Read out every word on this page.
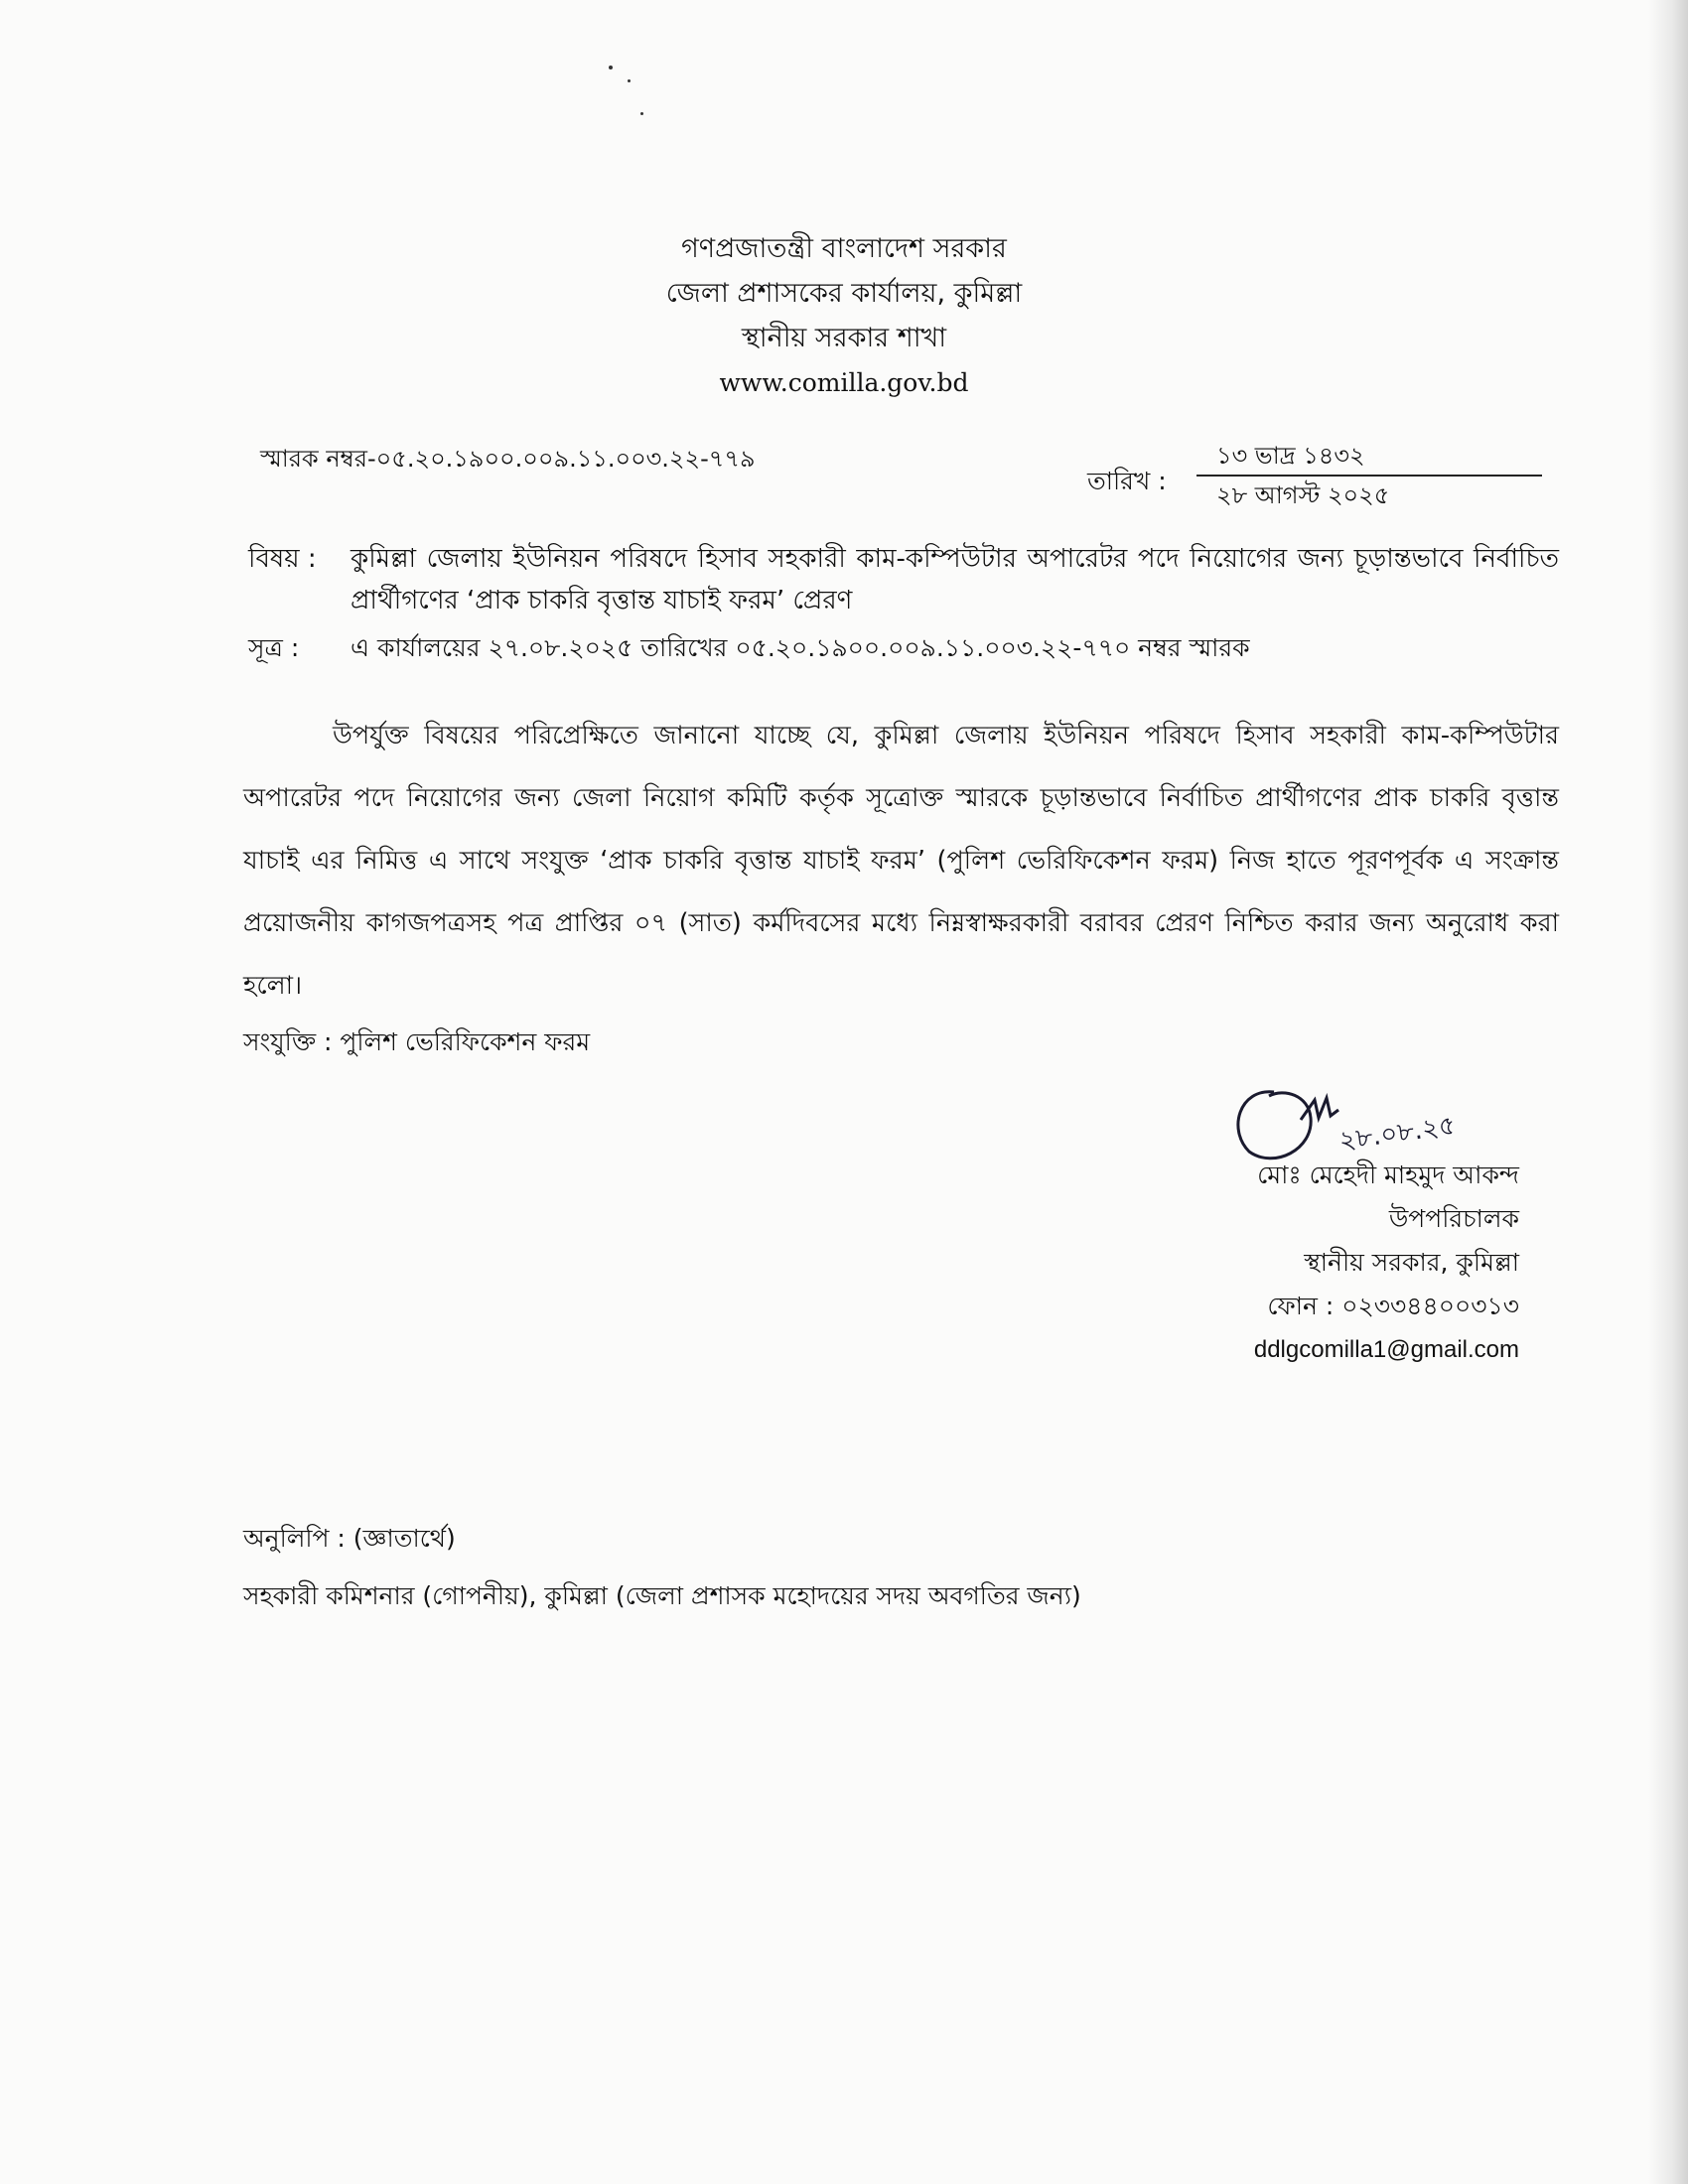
গণপ্রজাতন্ত্রী বাংলাদেশ সরকার
জেলা প্রশাসকের কার্যালয়, কুমিল্লা
স্থানীয় সরকার শাখা
www.comilla.gov.bd
স্মারক নম্বর-০৫.২০.১৯০০.০০৯.১১.০০৩.২২-৭৭৯
তারিখ :
১৩ ভাদ্র ১৪৩২
২৮ আগস্ট ২০২৫
বিষয় : কুমিল্লা জেলায় ইউনিয়ন পরিষদে হিসাব সহকারী কাম-কম্পিউটার অপারেটর পদে নিয়োগের জন্য চূড়ান্তভাবে নির্বাচিত প্রার্থীগণের ‘প্রাক চাকরি বৃত্তান্ত যাচাই ফরম’ প্রেরণ
সূত্র : এ কার্যালয়ের ২৭.০৮.২০২৫ তারিখের ০৫.২০.১৯০০.০০৯.১১.০০৩.২২-৭৭০ নম্বর স্মারক
উপর্যুক্ত বিষয়ের পরিপ্রেক্ষিতে জানানো যাচ্ছে যে, কুমিল্লা জেলায় ইউনিয়ন পরিষদে হিসাব সহকারী কাম-কম্পিউটার অপারেটর পদে নিয়োগের জন্য জেলা নিয়োগ কমিটি কর্তৃক সূত্রোক্ত স্মারকে চূড়ান্তভাবে নির্বাচিত প্রার্থীগণের প্রাক চাকরি বৃত্তান্ত যাচাই এর নিমিত্ত এ সাথে সংযুক্ত ‘প্রাক চাকরি বৃত্তান্ত যাচাই ফরম’ (পুলিশ ভেরিফিকেশন ফরম) নিজ হাতে পূরণপূর্বক এ সংক্রান্ত প্রয়োজনীয় কাগজপত্রসহ পত্র প্রাপ্তির ০৭ (সাত) কর্মদিবসের মধ্যে নিম্নস্বাক্ষরকারী বরাবর প্রেরণ নিশ্চিত করার জন্য অনুরোধ করা হলো।
সংযুক্তি : পুলিশ ভেরিফিকেশন ফরম
২৮.০৮.২৫
মোঃ মেহেদী মাহমুদ আকন্দ
উপপরিচালক
স্থানীয় সরকার, কুমিল্লা
ফোন : ০২৩৩৪৪০০৩১৩
ddlgcomilla1@gmail.com
অনুলিপি : (জ্ঞাতার্থে)
সহকারী কমিশনার (গোপনীয়), কুমিল্লা (জেলা প্রশাসক মহোদয়ের সদয় অবগতির জন্য)
